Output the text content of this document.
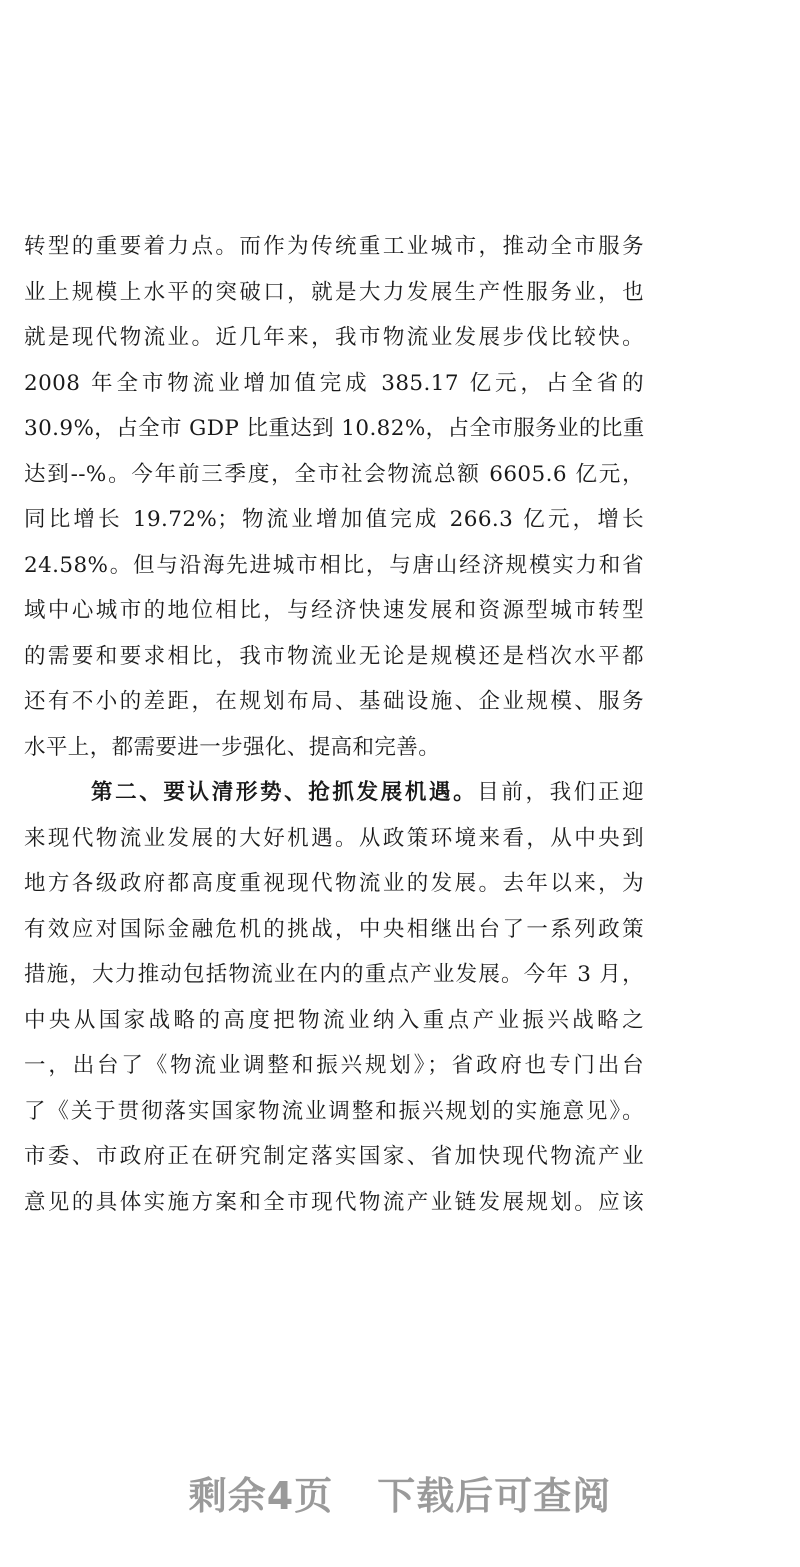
转型的重要着力点。而作为传统重工业城市，推动全市服务
业上规模上水平的突破口，就是大力发展生产性服务业，也
就是现代物流业。近几年来，我市物流业发展步伐比较快。
2008 年全市物流业增加值完成 385.17 亿元，占全省的
30.9%，占全市 GDP 比重达到 10.82%，占全市服务业的比重
达到--%。今年前三季度，全市社会物流总额 6605.6 亿元，
同比增长 19.72%；物流业增加值完成 266.3 亿元，增长
24.58%。但与沿海先进城市相比，与唐山经济规模实力和省
域中心城市的地位相比，与经济快速发展和资源型城市转型
的需要和要求相比，我市物流业无论是规模还是档次水平都
还有不小的差距，在规划布局、基础设施、企业规模、服务
水平上，都需要进一步强化、提高和完善。
第二、要认清形势、抢抓发展机遇。目前，我们正迎
来现代物流业发展的大好机遇。从政策环境来看，从中央到
地方各级政府都高度重视现代物流业的发展。去年以来，为
有效应对国际金融危机的挑战，中央相继出台了一系列政策
措施，大力推动包括物流业在内的重点产业发展。今年 3 月，
中央从国家战略的高度把物流业纳入重点产业振兴战略之
一，出台了《物流业调整和振兴规划》；省政府也专门出台
了《关于贯彻落实国家物流业调整和振兴规划的实施意见》。
市委、市政府正在研究制定落实国家、省加快现代物流产业
意见的具体实施方案和全市现代物流产业链发展规划。应该
剩余4页 下载后可查阅
